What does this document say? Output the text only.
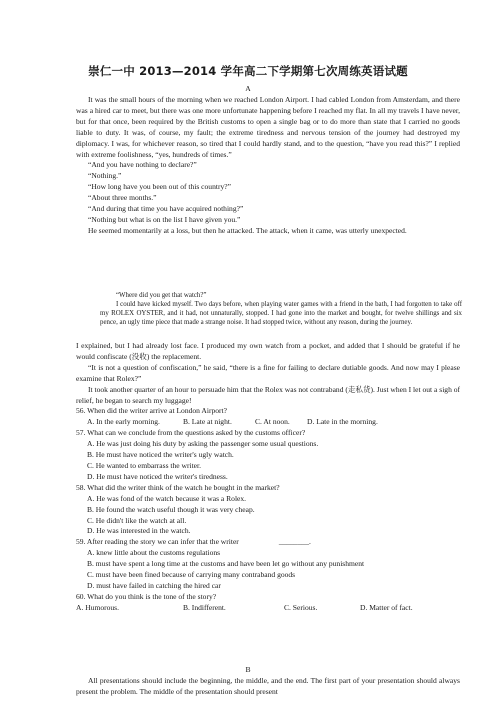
崇仁一中 2013—2014 学年高二下学期第七次周练英语试题
A

It was the small hours of the morning when we reached London Airport. I had cabled London from Amsterdam, and there was a hired car to meet, but there was one more unfortunate happening before I reached my flat. In all my travels I have never, but for that once, been required by the British customs to open a single bag or to do more than state that I carried no goods liable to duty. It was, of course, my fault; the extreme tiredness and nervous tension of the journey had destroyed my diplomacy. I was, for whichever reason, so tired that I could hardly stand, and to the question, “have you read this?” I replied with extreme foolishness, “yes, hundreds of times.”

“And you have nothing to declare?”

“Nothing.”

“How long have you been out of this country?”

“About three months.”

“And during that time you have acquired nothing?”

“Nothing but what is on the list I have given you.”

He seemed momentarily at a loss, but then he attacked. The attack, when it came, was utterly unexpected.

“Where did you get that watch?”

I could have kicked myself. Two days before, when playing water games with a friend in the bath, I had forgotten to take off my ROLEX OYSTER, and it had, not unnaturally, stopped. I had gone into the market and bought, for twelve shillings and six pence, an ugly time piece that made a strange noise. It had stopped twice, without any reason, during the journey.

I explained, but I had already lost face. I produced my own watch from a pocket, and added that I should be grateful if he would confiscate (没收) the replacement.

“It is not a question of confiscation,” he said, “there is a fine for failing to declare dutiable goods. And now may I please examine that Rolex?”

It took another quarter of an hour to persuade him that the Rolex was not contraband (走私货). Just when I let out a sigh of relief, he began to search my luggage!

56. When did the writer arrive at London Airport?

A. In the early morning.	B. Late at night.	C. At noon.	D. Late in the morning.

57. What can we conclude from the questions asked by the customs officer?

A. He was just doing his duty by asking the passenger some usual questions.

B. He must have noticed the writer's ugly watch.

C. He wanted to embarrass the writer.

D. He must have noticed the writer's tiredness.

58. What did the writer think of the watch he bought in the market?

A. He was fond of the watch because it was a Rolex.

B. He found the watch useful though it was very cheap.

C. He didn't like the watch at all.

D. He was interested in the watch.

59. After reading the story we can infer that the writer	________.

A. knew little about the customs regulations

B. must have spent a long time at the customs and have been let go without any punishment

C. must have been fined because of carrying many contraband goods

D. must have failed in catching the hired car

60. What do you think is the tone of the story?

A. Humorous.	B. Indifferent.	C. Serious.	D. Matter of fact.
B

All presentations should include the beginning, the middle, and the end. The first part of your presentation should always present the problem. The middle of the presentation should present
